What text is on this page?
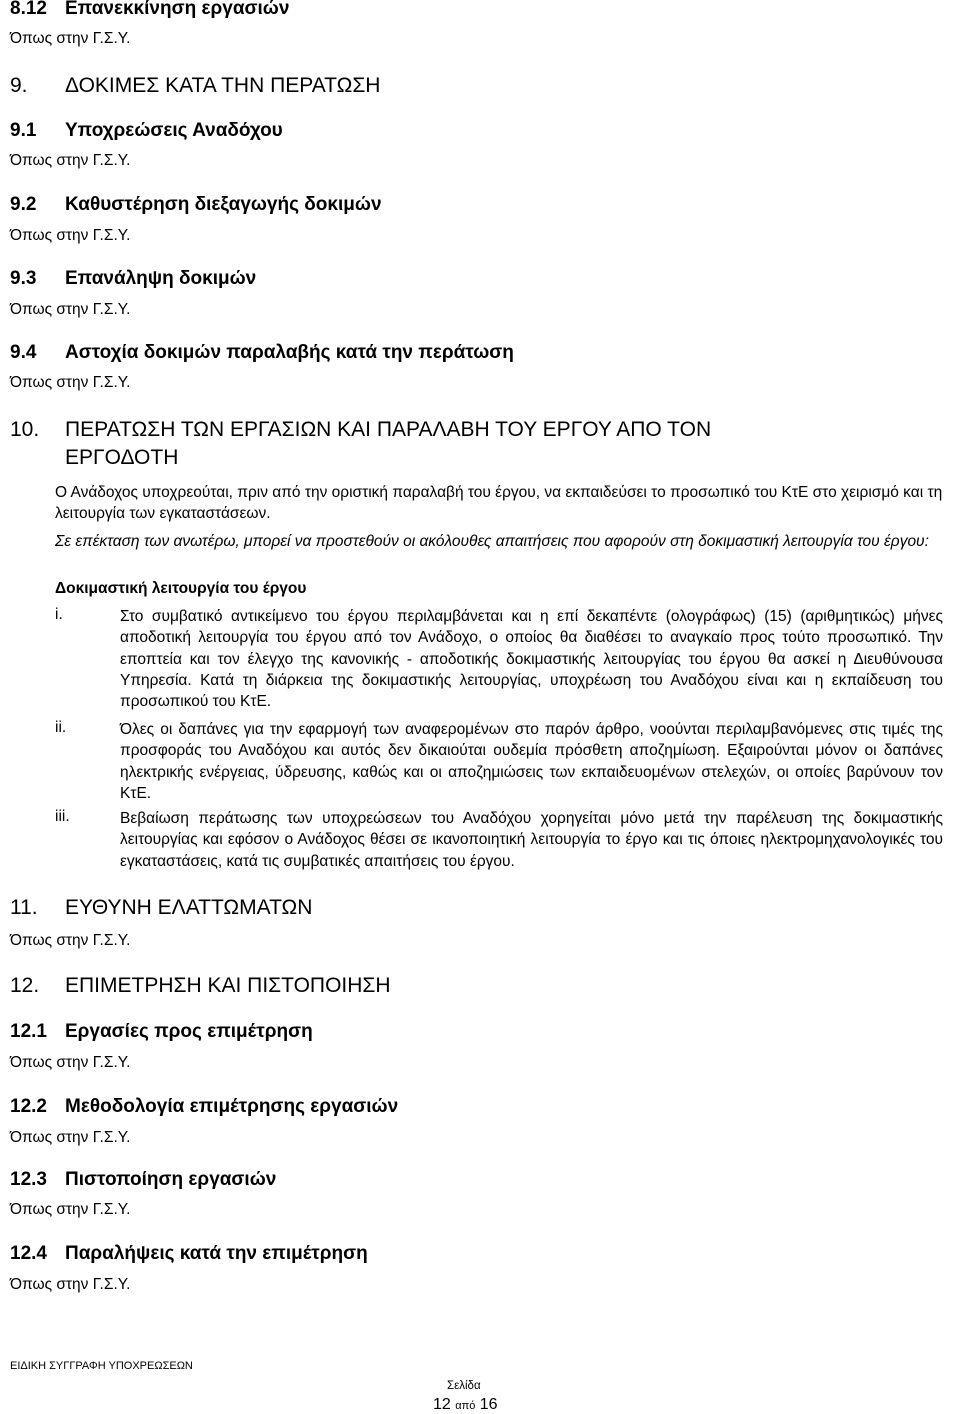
8.12 Επανεκκίνηση εργασιών
Όπως στην Γ.Σ.Υ.
9. ΔΟΚΙΜΕΣ ΚΑΤΑ ΤΗΝ ΠΕΡΑΤΩΣΗ
9.1 Υποχρεώσεις Αναδόχου
Όπως στην Γ.Σ.Υ.
9.2 Καθυστέρηση διεξαγωγής δοκιμών
Όπως στην Γ.Σ.Υ.
9.3 Επανάληψη δοκιμών
Όπως στην Γ.Σ.Υ.
9.4 Αστοχία δοκιμών παραλαβής κατά την περάτωση
Όπως στην Γ.Σ.Υ.
10. ΠΕΡΑΤΩΣΗ ΤΩΝ ΕΡΓΑΣΙΩΝ ΚΑΙ ΠΑΡΑΛΑΒΗ ΤΟΥ ΕΡΓΟΥ ΑΠΟ ΤΟΝ
ΕΡΓΟΔΟΤΗ
Ο Ανάδοχος υποχρεούται, πριν από την οριστική παραλαβή του έργου, να εκπαιδεύσει το προσωπικό του ΚτΕ στο χειρισμό και τη λειτουργία των εγκαταστάσεων.
Σε επέκταση των ανωτέρω, μπορεί να προστεθούν οι ακόλουθες απαιτήσεις που αφορούν στη δοκιμαστική λειτουργία του έργου:
Δοκιμαστική λειτουργία του έργου
i.	Στο συμβατικό αντικείμενο του έργου περιλαμβάνεται και η επί δεκαπέντε (ολογράφως) (15) (αριθμητικώς) μήνες αποδοτική λειτουργία του έργου από τον Ανάδοχο, ο οποίος θα διαθέσει το αναγκαίο προς τούτο προσωπικό. Την εποπτεία και τον έλεγχο της κανονικής - αποδοτικής δοκιμαστικής λειτουργίας του έργου θα ασκεί η Διευθύνουσα Υπηρεσία. Κατά τη διάρκεια της δοκιμαστικής λειτουργίας, υποχρέωση του Αναδόχου είναι και η εκπαίδευση του προσωπικού του ΚτΕ.
ii.	Όλες οι δαπάνες για την εφαρμογή των αναφερομένων στο παρόν άρθρο, νοούνται περιλαμβανόμενες στις τιμές της προσφοράς του Αναδόχου και αυτός δεν δικαιούται ουδεμία πρόσθετη αποζημίωση. Εξαιρούνται μόνον οι δαπάνες ηλεκτρικής ενέργειας, ύδρευσης, καθώς και οι αποζημιώσεις των εκπαιδευομένων στελεχών, οι οποίες βαρύνουν τον ΚτΕ.
iii.	Βεβαίωση περάτωσης των υποχρεώσεων του Αναδόχου χορηγείται μόνο μετά την παρέλευση της δοκιμαστικής λειτουργίας και εφόσον ο Ανάδοχος θέσει σε ικανοποιητική λειτουργία το έργο και τις όποιες ηλεκτρομηχανολογικές του εγκαταστάσεις, κατά τις συμβατικές απαιτήσεις του έργου.
11. ΕΥΘΥΝΗ ΕΛΑΤΤΩΜΑΤΩΝ
Όπως στην Γ.Σ.Υ.
12. ΕΠΙΜΕΤΡΗΣΗ ΚΑΙ ΠΙΣΤΟΠΟΙΗΣΗ
12.1 Εργασίες προς επιμέτρηση
Όπως στην Γ.Σ.Υ.
12.2 Μεθοδολογία επιμέτρησης εργασιών
Όπως στην Γ.Σ.Υ.
12.3 Πιστοποίηση εργασιών
Όπως στην Γ.Σ.Υ.
12.4 Παραλήψεις κατά την επιμέτρηση
Όπως στην Γ.Σ.Υ.
ΕΙΔΙΚΗ ΣΥΓΓΡΑΦΗ ΥΠΟΧΡΕΩΣΕΩΝ
Σελίδα
12 από 16
